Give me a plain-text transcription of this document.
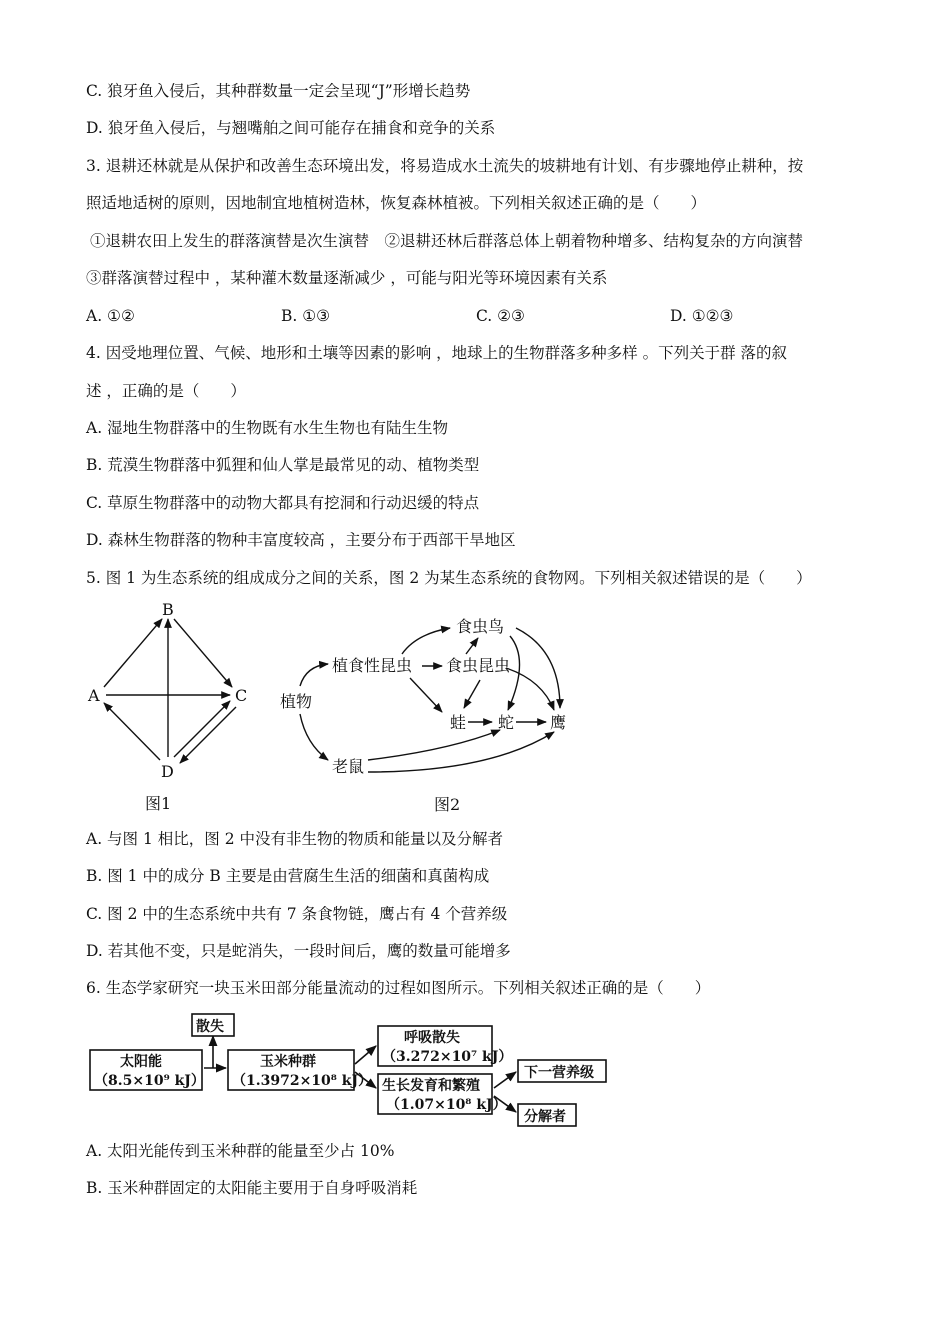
C. 狼牙鱼入侵后，其种群数量一定会呈现“J”形增长趋势
D. 狼牙鱼入侵后，与翘嘴舶之间可能存在捕食和竞争的关系
3. 退耕还林就是从保护和改善生态环境出发，将易造成水土流失的坡耕地有计划、有步骤地停止耕种，按
照适地适树的原则，因地制宜地植树造林，恢复森林植被。下列相关叙述正确的是（　　）
①退耕农田上发生的群落演替是次生演替　②退耕还林后群落总体上朝着物种增多、结构复杂的方向演替
③群落演替过程中 ，某种灌木数量逐渐减少 ，可能与阳光等环境因素有关系
A. ①②	B. ①③	C. ②③	D. ①②③
4. 因受地理位置、气候、地形和土壤等因素的影响 ，地球上的生物群落多种多样 。下列关于群 落的叙
述 ，正确的是（　　）
A. 湿地生物群落中的生物既有水生生物也有陆生生物
B. 荒漠生物群落中狐狸和仙人掌是最常见的动、植物类型
C. 草原生物群落中的动物大都具有挖洞和行动迟缓的特点
D. 森林生物群落的物种丰富度较高 ，主要分布于西部干旱地区
5. 图 1 为生态系统的组成成分之间的关系，图 2 为某生态系统的食物网。下列相关叙述错误的是（　　）
B
A	C
D
图1
食虫鸟
植食性昆虫 食虫昆虫
植物
蛙 蛇 鹰
老鼠
图2
A. 与图 1 相比，图 2 中没有非生物的物质和能量以及分解者
B. 图 1 中的成分 B 主要是由营腐生生活的细菌和真菌构成
C. 图 2 中的生态系统中共有 7 条食物链，鹰占有 4 个营养级
D. 若其他不变，只是蛇消失，一段时间后，鹰的数量可能增多
6. 生态学家研究一块玉米田部分能量流动的过程如图所示。下列相关叙述正确的是（　　）
散失
太阳能
（8.5×10⁹ kJ）
玉米种群
（1.3972×10⁸ kJ）
呼吸散失
（3.272×10⁷ kJ）
生长发育和繁殖
（1.07×10⁸ kJ）
下一营养级
分解者
A. 太阳光能传到玉米种群的能量至少占 10%
B. 玉米种群固定的太阳能主要用于自身呼吸消耗
